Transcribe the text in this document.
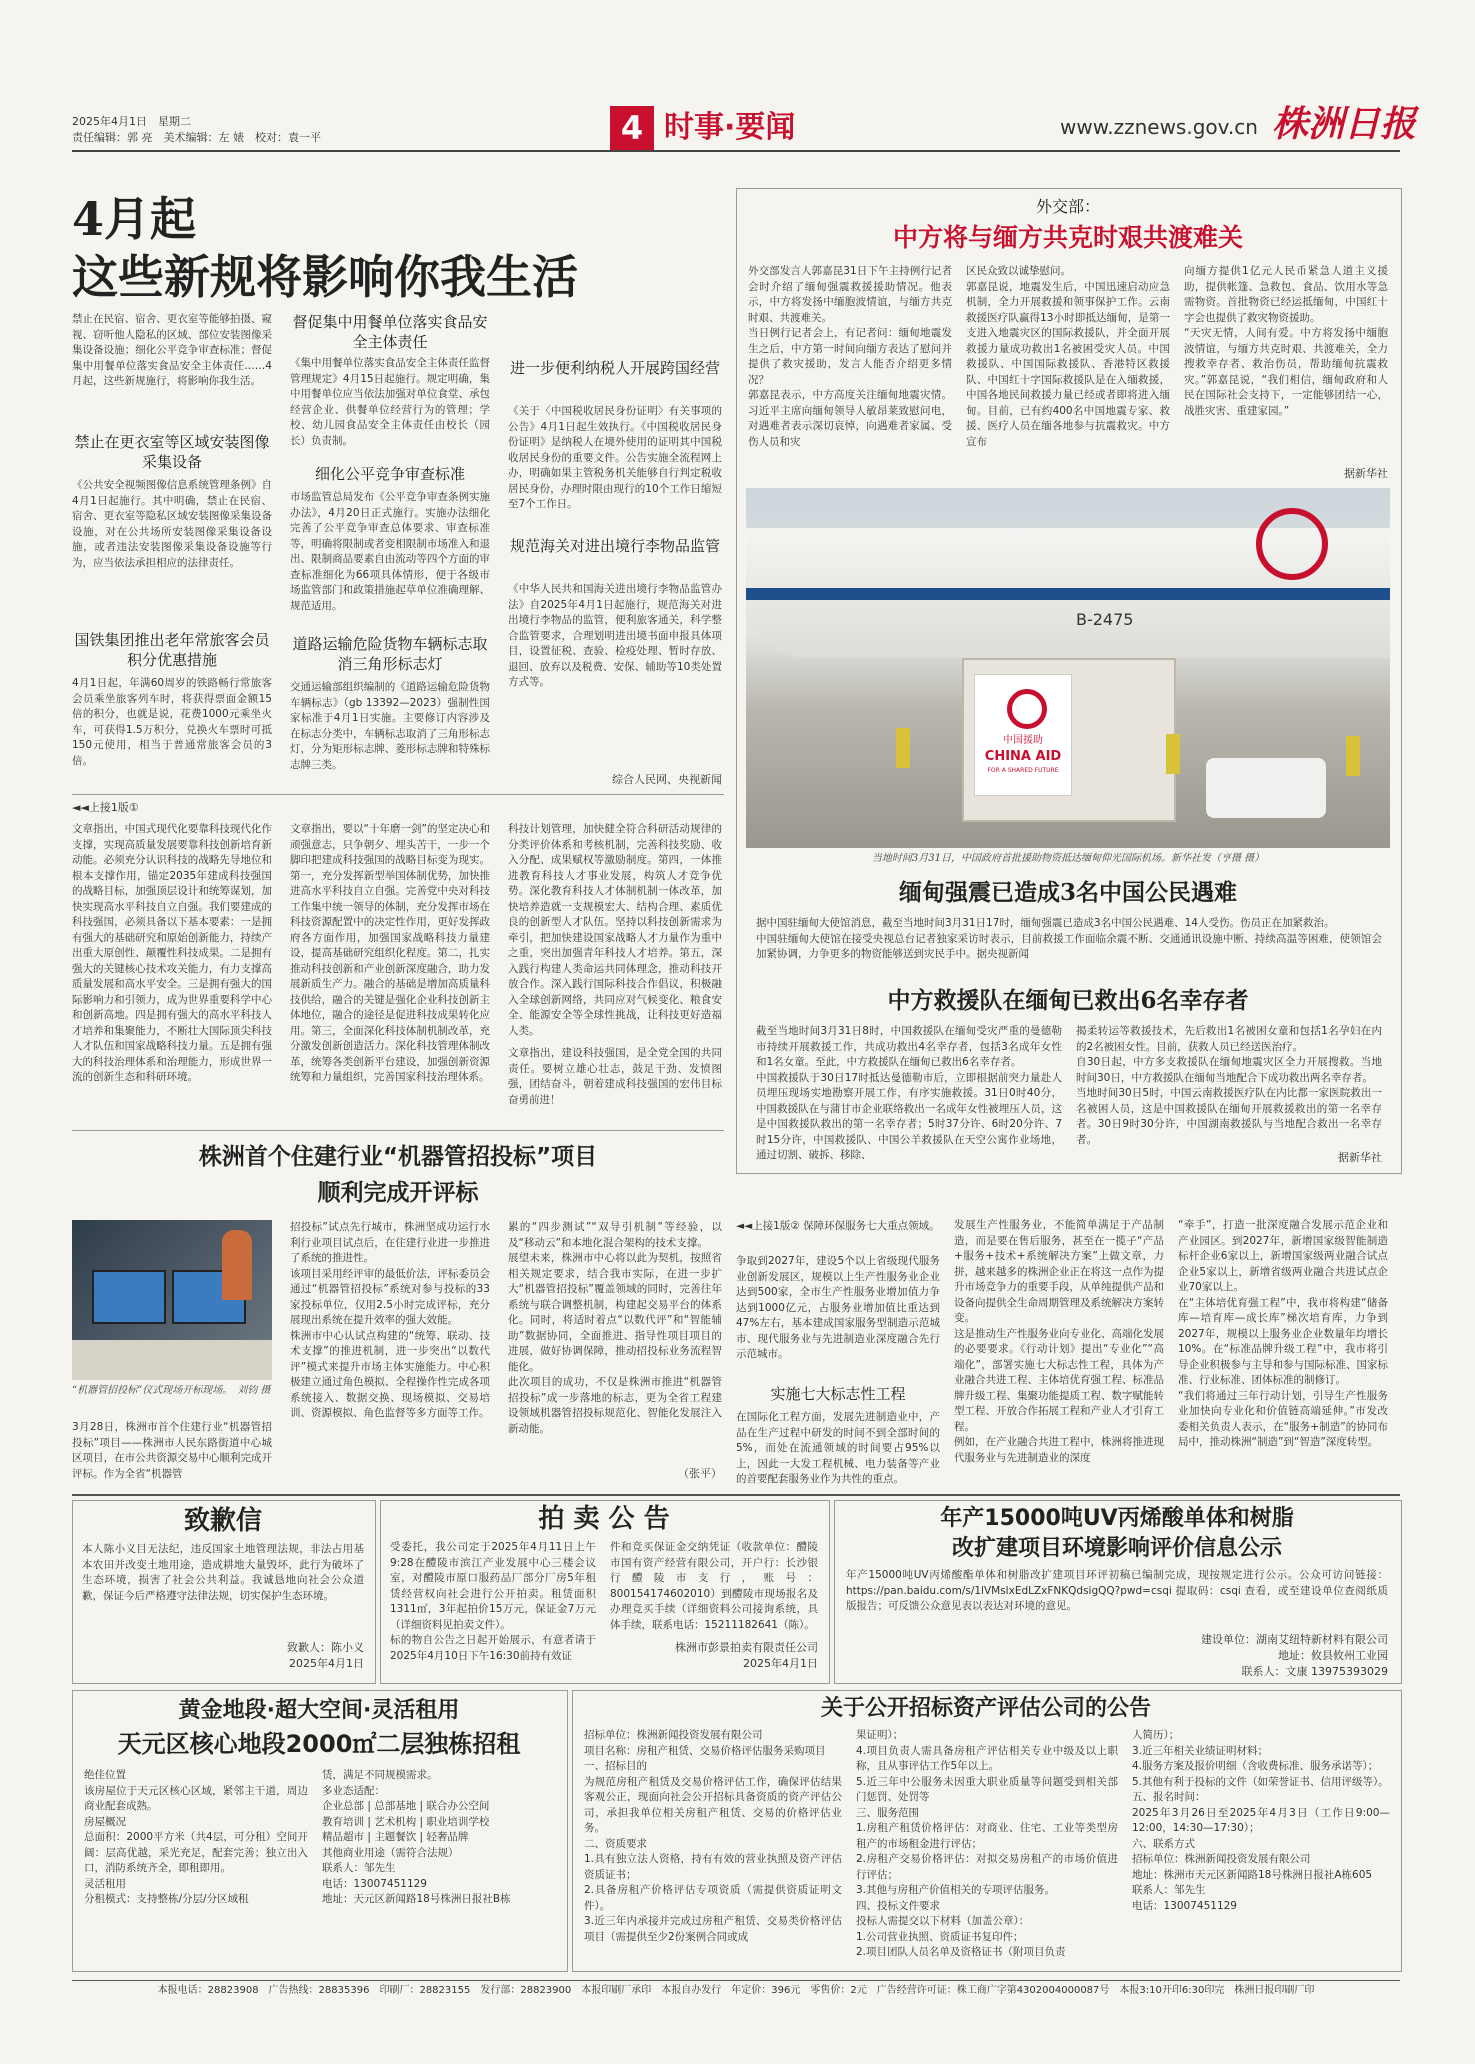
2025年4月1日　星期二
责任编辑：郭 亮　美术编辑：左 婊　校对：袁一平	4 时事·要闻	www.zznews.gov.cn 株洲日报
4月起
这些新规将影响你我生活
禁止在民宿、宿舍、更衣室等能够拍摄、窥视、窃听他人隐私的区域、部位安装图像采集设备设施；细化公平竞争审查标准；督促集中用餐单位落实食品安全主体责任……4月起，这些新规施行，将影响你我生活。
禁止在更衣室等区域安装图像采集设备
《公共安全视频图像信息系统管理条例》自4月1日起施行。其中明确，禁止在民宿、宿舍、更衣室等隐私区域安装图像采集设备设施，对在公共场所安装图像采集设备设施，或者违法安装图像采集设备设施等行为，应当依法承担相应的法律责任。
国铁集团推出老年常旅客会员积分优惠措施
4月1日起，年满60周岁的铁路畅行常旅客会员乘坐旅客列车时，将获得票面金额15倍的积分，也就是说，花费1000元乘坐火车，可获得1.5万积分，兑换火车票时可抵150元使用，相当于普通常旅客会员的3倍。
督促集中用餐单位落实食品安全主体责任
《集中用餐单位落实食品安全主体责任监督管理规定》4月15日起施行。规定明确，集中用餐单位应当依法加强对单位食堂、承包经营企业、供餐单位经营行为的管理；学校、幼儿园食品安全主体责任由校长（园长）负责制。
细化公平竞争审查标准
市场监管总局发布《公平竞争审查条例实施办法》，4月20日正式施行。实施办法细化完善了公平竞争审查总体要求、审查标准等，明确将限制或者变相限制市场准入和退出、限制商品要素自由流动等四个方面的审查标准细化为66项具体情形，便于各级市场监管部门和政策措施起草单位准确理解、规范适用。
道路运输危险货物车辆标志取消三角形标志灯
交通运输部组织编制的《道路运输危险货物车辆标志》（gb 13392—2023）强制性国家标准于4月1日实施。主要修订内容涉及在标志分类中，车辆标志取消了三角形标志灯，分为矩形标志牌、菱形标志牌和特殊标志牌三类。
进一步便利纳税人开展跨国经营
《关于〈中国税收居民身份证明〉有关事项的公告》4月1日起生效执行。《中国税收居民身份证明》是纳税人在境外使用的证明其中国税收居民身份的重要文件。公告实施全流程网上办，明确如果主管税务机关能够自行判定税收居民身份，办理时限由现行的10个工作日缩短至7个工作日。
规范海关对进出境行李物品监管
《中华人民共和国海关进出境行李物品监管办法》自2025年4月1日起施行，规范海关对进出境行李物品的监管，便利旅客通关，科学整合监管要求，合理划明进出境书面申报具体项目，设置征税、查验、检疫处理、暂时存放、退回、放弃以及税费、安保、辅助等10类处置方式等。
综合人民网、央视新闻
◄◄上接1版①
文章指出，中国式现代化要靠科技现代化作支撑，实现高质量发展要靠科技创新培育新动能。必须充分认识科技的战略先导地位和根本支撑作用，锚定2035年建成科技强国的战略目标，加强顶层设计和统筹谋划，加快实现高水平科技自立自强。我们要建成的科技强国，必须具备以下基本要素：一是拥有强大的基础研究和原始创新能力，持续产出重大原创性、颠覆性科技成果。二是拥有强大的关键核心技术攻关能力，有力支撑高质量发展和高水平安全。三是拥有强大的国际影响力和引领力，成为世界重要科学中心和创新高地。四是拥有强大的高水平科技人才培养和集聚能力，不断壮大国际顶尖科技人才队伍和国家战略科技力量。五是拥有强大的科技治理体系和治理能力，形成世界一流的创新生态和科研环境。
文章指出，要以“十年磨一剑”的坚定决心和顽强意志，只争朝夕、埋头苦干，一步一个脚印把建成科技强国的战略目标变为现实。第一，充分发挥新型举国体制优势，加快推进高水平科技自立自强。完善党中央对科技工作集中统一领导的体制，充分发挥市场在科技资源配置中的决定性作用，更好发挥政府各方面作用，加强国家战略科技力量建设，提高基础研究组织化程度。第二，扎实推动科技创新和产业创新深度融合，助力发展新质生产力。融合的基础是增加高质量科技供给，融合的关键是强化企业科技创新主体地位，融合的途径是促进科技成果转化应用。第三，全面深化科技体制机制改革，充分激发创新创造活力。深化科技管理体制改革，统筹各类创新平台建设，加强创新资源统筹和力量组织，完善国家科技治理体系。
科技计划管理，加快健全符合科研活动规律的分类评价体系和考核机制，完善科技奖励、收入分配、成果赋权等激励制度。第四，一体推进教育科技人才事业发展，构筑人才竞争优势。深化教育科技人才体制机制一体改革，加快培养造就一支规模宏大、结构合理、素质优良的创新型人才队伍。坚持以科技创新需求为牵引，把加快建设国家战略人才力量作为重中之重，突出加强青年科技人才培养。第五，深入践行构建人类命运共同体理念，推动科技开放合作。深入践行国际科技合作倡议，积极融入全球创新网络，共同应对气候变化、粮食安全、能源安全等全球性挑战，让科技更好造福人类。
文章指出，建设科技强国，是全党全国的共同责任。要树立雄心壮志，鼓足干劲、发愤图强，团结奋斗，朝着建成科技强国的宏伟目标奋勇前进！
外交部：
中方将与缅方共克时艰共渡难关
外交部发言人郭嘉昆31日下午主持例行记者会时介绍了缅甸强震救援援助情况。他表示，中方将发扬中缅胞波情谊，与缅方共克时艰、共渡难关。
当日例行记者会上，有记者问：缅甸地震发生之后，中方第一时间向缅方表达了慰问并提供了救灾援助，发言人能否介绍更多情况？
郭嘉昆表示，中方高度关注缅甸地震灾情。习近平主席向缅甸领导人敏昂莱致慰问电，对遇难者表示深切哀悼，向遇难者家属、受伤人员和灾
区民众致以诚挚慰问。
郭嘉昆说，地震发生后，中国迅速启动应急机制，全力开展救援和领事保护工作。云南救援医疗队赢得13小时即抵达缅甸，是第一支进入地震灾区的国际救援队，并全面开展救援力量成功救出1名被困受灾人员。中国救援队、中国国际救援队、香港特区救援队、中国红十字国际救援队是在入缅救援，中国各地民间救援力量已经或者即将进入缅甸。目前，已有约400名中国地震专家、救援、医疗人员在缅各地参与抗震救灾。中方宣布
向缅方提供1亿元人民币紧急人道主义援助，提供帐篷、急救包、食品、饮用水等急需物资。首批物资已经运抵缅甸，中国红十字会也提供了救灾物资援助。
“天灾无情，人间有爱。中方将发扬中缅胞波情谊，与缅方共克时艰、共渡难关，全力搜救幸存者、救治伤员，帮助缅甸抗震救灾。”郭嘉昆说，“我们相信，缅甸政府和人民在国际社会支持下，一定能够团结一心，战胜灾害、重建家园。”
据新华社
B-2475
中国援助
CHINA AID
FOR A SHARED FUTURE
当地时间3月31日，中国政府首批援助物资抵达缅甸仰光国际机场。新华社发（亨摄 摄）
缅甸强震已造成3名中国公民遇难
据中国驻缅甸大使馆消息，截至当地时间3月31日17时，缅甸强震已造成3名中国公民遇难、14人受伤。伤员正在加紧救治。
中国驻缅甸大使馆在接受央视总台记者独家采访时表示，目前救援工作面临余震不断、交通通讯设施中断、持续高温等困难，使领馆会加紧协调，力争更多的物资能够送到灾民手中。据央视新闻
中方救援队在缅甸已救出6名幸存者
截至当地时间3月31日8时，中国救援队在缅甸受灾严重的曼德勒市持续开展救援工作，共成功救出4名幸存者，包括3名成年女性和1名女童。至此，中方救援队在缅甸已救出6名幸存者。
中国救援队于30日17时抵达曼德勒市后，立即根据前突力量赴人员埋压现场实地勘察开展工作，有序实施救援。31日0时40分，中国救援队在与蒲甘市企业联络救出一名成年女性被埋压人员，这是中国救援队救出的第一名幸存者；5时37分许、6时20分许、7时15分许，中国救援队、中国公羊救援队在天空公寓作业场地，通过切割、破拆、移除、
揭柔转运等救援技术，先后救出1名被困女童和包括1名孕妇在内的2名被困女性。目前，获救人员已经送医治疗。
自30日起，中方多支救援队在缅甸地震灾区全力开展搜救。当地时间30日，中方救援队在缅甸当地配合下成功救出两名幸存者。
当地时间30日5时，中国云南救援医疗队在内比都一家医院救出一名被困人员，这是中国救援队在缅甸开展救援救出的第一名幸存者。30日9时30分许，中国湖南救援队与当地配合救出一名幸存者。
据新华社
株洲首个住建行业“机器管招投标”项目
顺利完成开评标
“机器管招投标”仪式现场开标现场。　刘钧 摄
3月28日，株洲市首个住建行业“机器管招投标”项目——株洲市人民东路街道中心城区项目，在市公共资源交易中心顺利完成开评标。作为全省“机器管
招投标”试点先行城市，株洲坚成功运行水利行业项目试点后，在住建行业进一步推进了系统的推进性。
该项目采用经评审的最低价法，评标委员会通过“机器管招投标”系统对参与投标的33家投标单位，仅用2.5小时完成评标，充分展现出系统在提升效率的强大效能。
株洲市中心认试点构建的“统筹、联动、技术支撑”的推进机制，进一步突出“以数代评”模式来提升市场主体实施能力。中心积极建立通过角色模拟、全程操作性完成各项系统接入、数据交换、现场模拟、交易培训、资源模拟、角色监督等多方面等工作。
累的“四步测试”“双导引机制”等经验，以及“移动云”和本地化混合架构的技术支撑。
展望未来，株洲市中心将以此为契机，按照省相关规定要求，结合我市实际，在进一步扩大“机器管招投标”覆盖领域的同时，完善往年系统与联合调整机制，构建起交易平台的体系化。同时，将适时着点“以数代评”和“智能辅助”数据协同，全面推进、指导性项目项目的进展，做好协调保障，推动招投标业务流程智能化。
此次项目的成功，不仅是株洲市推进“机器管招投标”成一步落地的标志，更为全省工程建设领域机器管招投标规范化、智能化发展注入新动能。
（张平）
◄◄上接1版② 保障环保服务七大重点领域。
争取到2027年，建设5个以上省级现代服务业创新发展区，规模以上生产性服务业企业达到500家，全市生产性服务业增加值力争达到1000亿元，占服务业增加值比重达到47%左右，基本建成国家服务型制造示范城市、现代服务业与先进制造业深度融合先行示范城市。
实施七大标志性工程
在国际化工程方面，发展先进制造业中，产品在生产过程中研发的时间不到全部时间的5%，而处在流通领域的时间要占95%以上，因此一大发工程机械、电力装备等产业的首要配套服务业作为共性的重点。
发展生产性服务业，不能简单满足于产品制造，而是要在售后服务，甚至在一揽子“产品+服务+技术+系统解决方案”上做文章，力拼，越来越多的株洲企业正在将这一点作为提升市场竞争力的重要手段，从单纯提供产品和设备向提供全生命周期管理及系统解决方案转变。
这是推动生产性服务业向专业化、高端化发展的必要要求。《行动计划》提出“专业化”“高端化”，部署实施七大标志性工程，具体为产业融合共进工程、主体培优育强工程、标准品牌升级工程、集聚功能提质工程、数字赋能转型工程、开放合作拓展工程和产业人才引育工程。
例如，在产业融合共进工程中，株洲将推进现代服务业与先进制造业的深度
“牵手”，打造一批深度融合发展示范企业和产业园区。到2027年，新增国家级智能制造标杆企业6家以上，新增国家级两业融合试点企业5家以上，新增省级两业融合共进试点企业70家以上。
在“主体培优育强工程”中，我市将构建“储备库—培育库—成长库”梯次培育库，力争到2027年，规模以上服务业企业数量年均增长10%。在“标准品牌升级工程”中，我市将引导企业积极参与主导和参与国际标准、国家标准、行业标准、团体标准的制修订。
“我们将通过三年行动计划，引导生产性服务业加快向专业化和价值链高端延伸。”市发改委相关负责人表示，在“服务+制造”的协同布局中，推动株洲“制造”到“智造”深度转型。
致歉信
本人陈小义目无法纪，违反国家土地管理法规，非法占用基本农田并改变土地用途，造成耕地大量毁坏，此行为破坏了生态环境，损害了社会公共利益。我诚恳地向社会公众道歉，保证今后严格遵守法律法规，切实保护生态环境。
致歉人：陈小义
2025年4月1日
拍 卖 公 告
受委托，我公司定于2025年4月11日上午9:28在醴陵市滨江产业发展中心三楼会议室，对醴陵市原口服药品厂部分厂房5年租赁经营权向社会进行公开拍卖。租赁面积1311㎡，3年起拍价15万元，保证金7万元（详细资料见拍卖文件）。
标的物自公告之日起开始展示，有意者请于2025年4月10日下午16:30前持有效证
件和竞买保证金交纳凭证（收款单位：醴陵市国有资产经营有限公司，开户行：长沙银行醴陵市支行，账号：800154174602010）到醴陵市现场报名及办理竞买手续（详细资料公司接询系统，具体手续，联系电话：15211182641（陈）。
株洲市彭景拍卖有限责任公司
2025年4月1日
年产15000吨UV丙烯酸单体和树脂
改扩建项目环境影响评价信息公示
年产15000吨UV丙烯酸酯单体和树脂改扩建项目环评初稿已编制完成，现按规定进行公示。公众可访问链接：https://pan.baidu.com/s/1lVMslxEdLZxFNKQdsigQQ?pwd=csqi 提取码：csqi 查看，或至建设单位查阅纸质版报告；可反馈公众意见表以表达对环境的意见。
建设单位：湖南艾纽特新材料有限公司
地址：攸县攸州工业园
联系人：文康 13975393029
黄金地段·超大空间·灵活租用
天元区核心地段2000㎡二层独栋招租
绝佳位置
该房屋位于天元区核心区域，紧邻主干道，周边商业配套成熟。
房屋概况
总面积：2000平方米（共4层，可分租）空间开阔：层高优越，采光充足，配套完善；独立出入口，消防系统齐全，即租即用。
灵活租用
分租模式：支持整栋/分层/分区域租
赁，满足不同规模需求。
多业态适配：
企业总部 | 总部基地 | 联合办公空间
教育培训 | 艺术机构 | 职业培训学校
精品超市 | 主题餐饮 | 轻奢品牌
其他商业用途（需符合法规）
联系人：邹先生
电话：13007451129
地址：天元区新闻路18号株洲日报社B栋
关于公开招标资产评估公司的公告
招标单位：株洲新闻投资发展有限公司
项目名称：房租产租赁、交易价格评估服务采购项目
一、招标目的
为规范房租产租赁及交易价格评估工作，确保评估结果客观公正，现面向社会公开招标具备资质的资产评估公司，承担我单位相关房租产租赁、交易的价格评估业务。
二、资质要求
1.具有独立法人资格，持有有效的营业执照及资产评估资质证书；
2.具备房租产价格评估专项资质（需提供资质证明文件）。
3.近三年内承接并完成过房租产租赁、交易类价格评估项目（需提供至少2份案例合同或成
果证明）；
4.项目负责人需具备房租产评估相关专业中级及以上职称，且从事评估工作5年以上。
5.近三年中公服务未因重大职业质量等问题受到相关部门惩罚、处罚等
三、服务范围
1.房租产租赁价格评估：对商业、住宅、工业等类型房租产的市场租金进行评估；
2.房租产交易价格评估：对拟交易房租产的市场价值进行评估；
3.其他与房租产价值相关的专项评估服务。
四、投标文件要求
投标人需提交以下材料（加盖公章）：
1.公司营业执照、资质证书复印件；
2.项目团队人员名单及资格证书（附项目负责
人简历）；
3.近三年相关业绩证明材料；
4.服务方案及报价明细（含收费标准、服务承诺等）；
5.其他有利于投标的文件（如荣誉证书、信用评级等）。
五、报名时间：
2025年3月26日至2025年4月3日（工作日9:00—12:00，14:30—17:30）；
六、联系方式
招标单位：株洲新闻投资发展有限公司
地址：株洲市天元区新闻路18号株洲日报社A栋605
联系人：邹先生
电话：13007451129
本报电话：28823908　广告热线：28835396　印刷厂：28823155　发行部：28823900　本报印刷厂承印　本报自办发行　年定价：396元　零售价：2元　广告经营许可证：株工商广字第4302004000087号　本报3:10开印6:30印完　株洲日报印刷厂印
